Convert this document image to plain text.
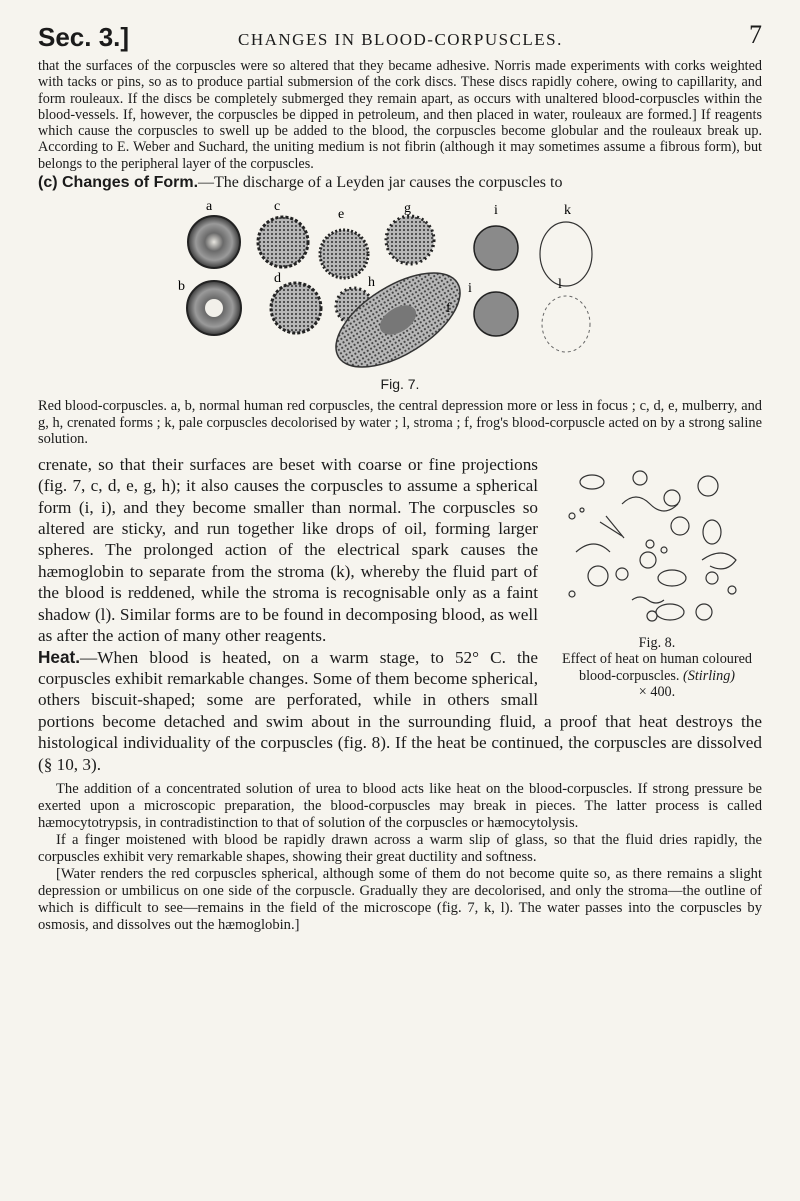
Sec. 3.]	CHANGES IN BLOOD-CORPUSCLES.	7

that the surfaces of the corpuscles were so altered that they became adhesive. Norris made experiments with corks weighted with tacks or pins, so as to produce partial submersion of the cork discs. These discs rapidly cohere, owing to capillarity, and form rouleaux. If the discs be completely submerged they remain apart, as occurs with unaltered blood-corpuscles within the blood-vessels. If, however, the corpuscles be dipped in petroleum, and then placed in water, rouleaux are formed.] If reagents which cause the corpuscles to swell up be added to the blood, the corpuscles become globular and the rouleaux break up. According to E. Weber and Suchard, the uniting medium is not fibrin (although it may sometimes assume a fibrous form), but belongs to the peripheral layer of the corpuscles.

(c) Changes of Form.—The discharge of a Leyden jar causes the corpuscles to

a
b
c
d
e
f
g
h
i
i
k
l
Fig. 7.

Red blood-corpuscles. a, b, normal human red corpuscles, the central depression more or less in focus ; c, d, e, mulberry, and g, h, crenated forms ; k, pale corpuscles decolorised by water ; l, stroma ; f, frog's blood-corpuscle acted on by a strong saline solution.

Fig. 8.
Effect of heat on human coloured blood-corpuscles. (Stirling)
× 400.

crenate, so that their surfaces are beset with coarse or fine projections (fig. 7, c, d, e, g, h); it also causes the corpuscles to assume a spherical form (i, i), and they become smaller than normal. The corpuscles so altered are sticky, and run together like drops of oil, forming larger spheres. The prolonged action of the electrical spark causes the hæmoglobin to separate from the stroma (k), whereby the fluid part of the blood is reddened, while the stroma is recognisable only as a faint shadow (l). Similar forms are to be found in decomposing blood, as well as after the action of many other reagents.

Heat.—When blood is heated, on a warm stage, to 52° C. the corpuscles exhibit remarkable changes. Some of them become spherical, others biscuit-shaped; some are perforated, while in others small portions become detached and swim about in the surrounding fluid, a proof that heat destroys the histological individuality of the corpuscles (fig. 8). If the heat be continued, the corpuscles are dissolved (§ 10, 3).

The addition of a concentrated solution of urea to blood acts like heat on the blood-corpuscles. If strong pressure be exerted upon a microscopic preparation, the blood-corpuscles may break in pieces. The latter process is called hæmocytotrypsis, in contradistinction to that of solution of the corpuscles or hæmocytolysis.

If a finger moistened with blood be rapidly drawn across a warm slip of glass, so that the fluid dries rapidly, the corpuscles exhibit very remarkable shapes, showing their great ductility and softness.

[Water renders the red corpuscles spherical, although some of them do not become quite so, as there remains a slight depression or umbilicus on one side of the corpuscle. Gradually they are decolorised, and only the stroma—the outline of which is difficult to see—remains in the field of the microscope (fig. 7, k, l). The water passes into the corpuscles by osmosis, and dissolves out the hæmoglobin.]
